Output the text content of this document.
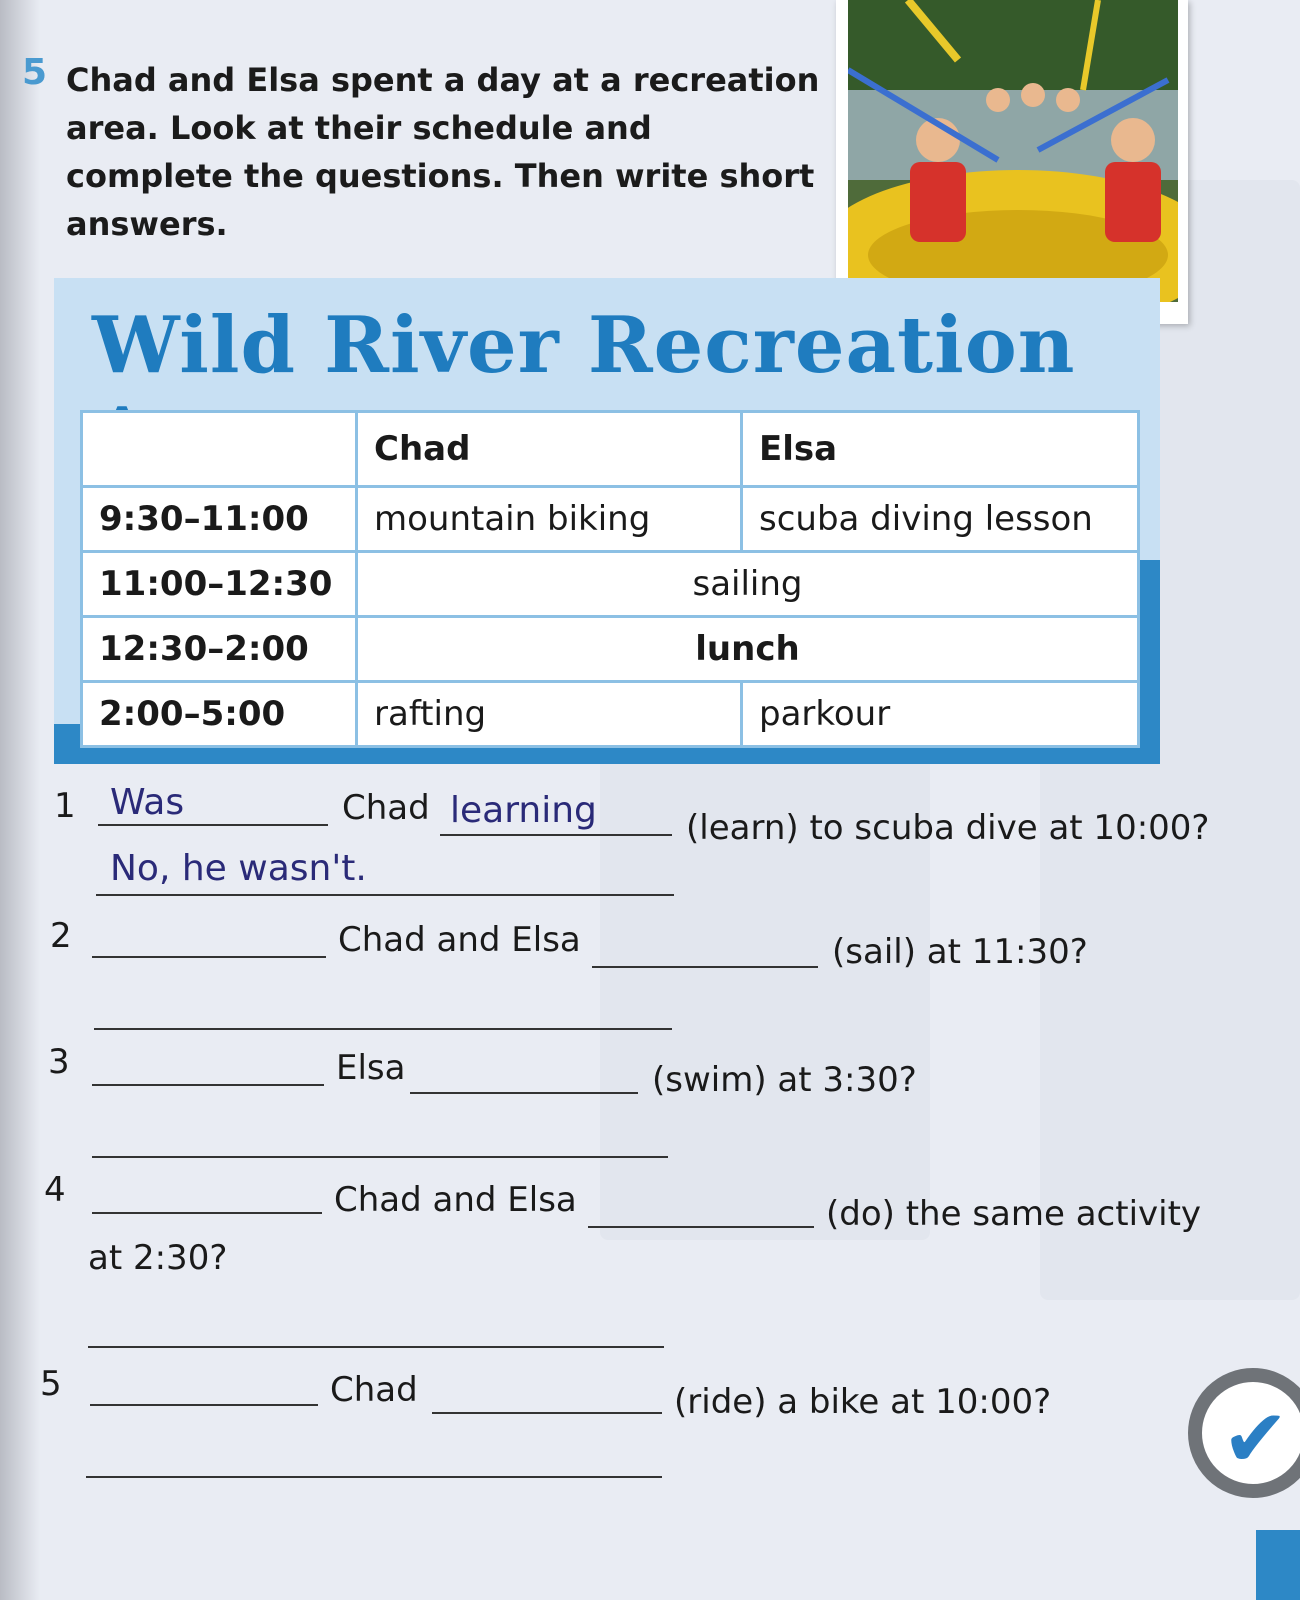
5 Chad and Elsa spent a day at a recreation area. Look at their schedule and complete the questions. Then write short answers.

Wild River Recreation
	Chad	Elsa
9:30–11:00	mountain biking	scuba diving lesson
11:00–12:30	sailing	
12:30–2:00	lunch	
2:00–5:00	rafting	parkour
1 Was	Chad learning	(learn) to scuba dive at 10:00?
No, he wasn't.
2	Chad and Elsa	(sail) at 11:30?
3	Elsa	(swim) at 3:30?
4	Chad and Elsa	(do) the same activity
at 2:30?
5	Chad	(ride) a bike at 10:00? ✔
